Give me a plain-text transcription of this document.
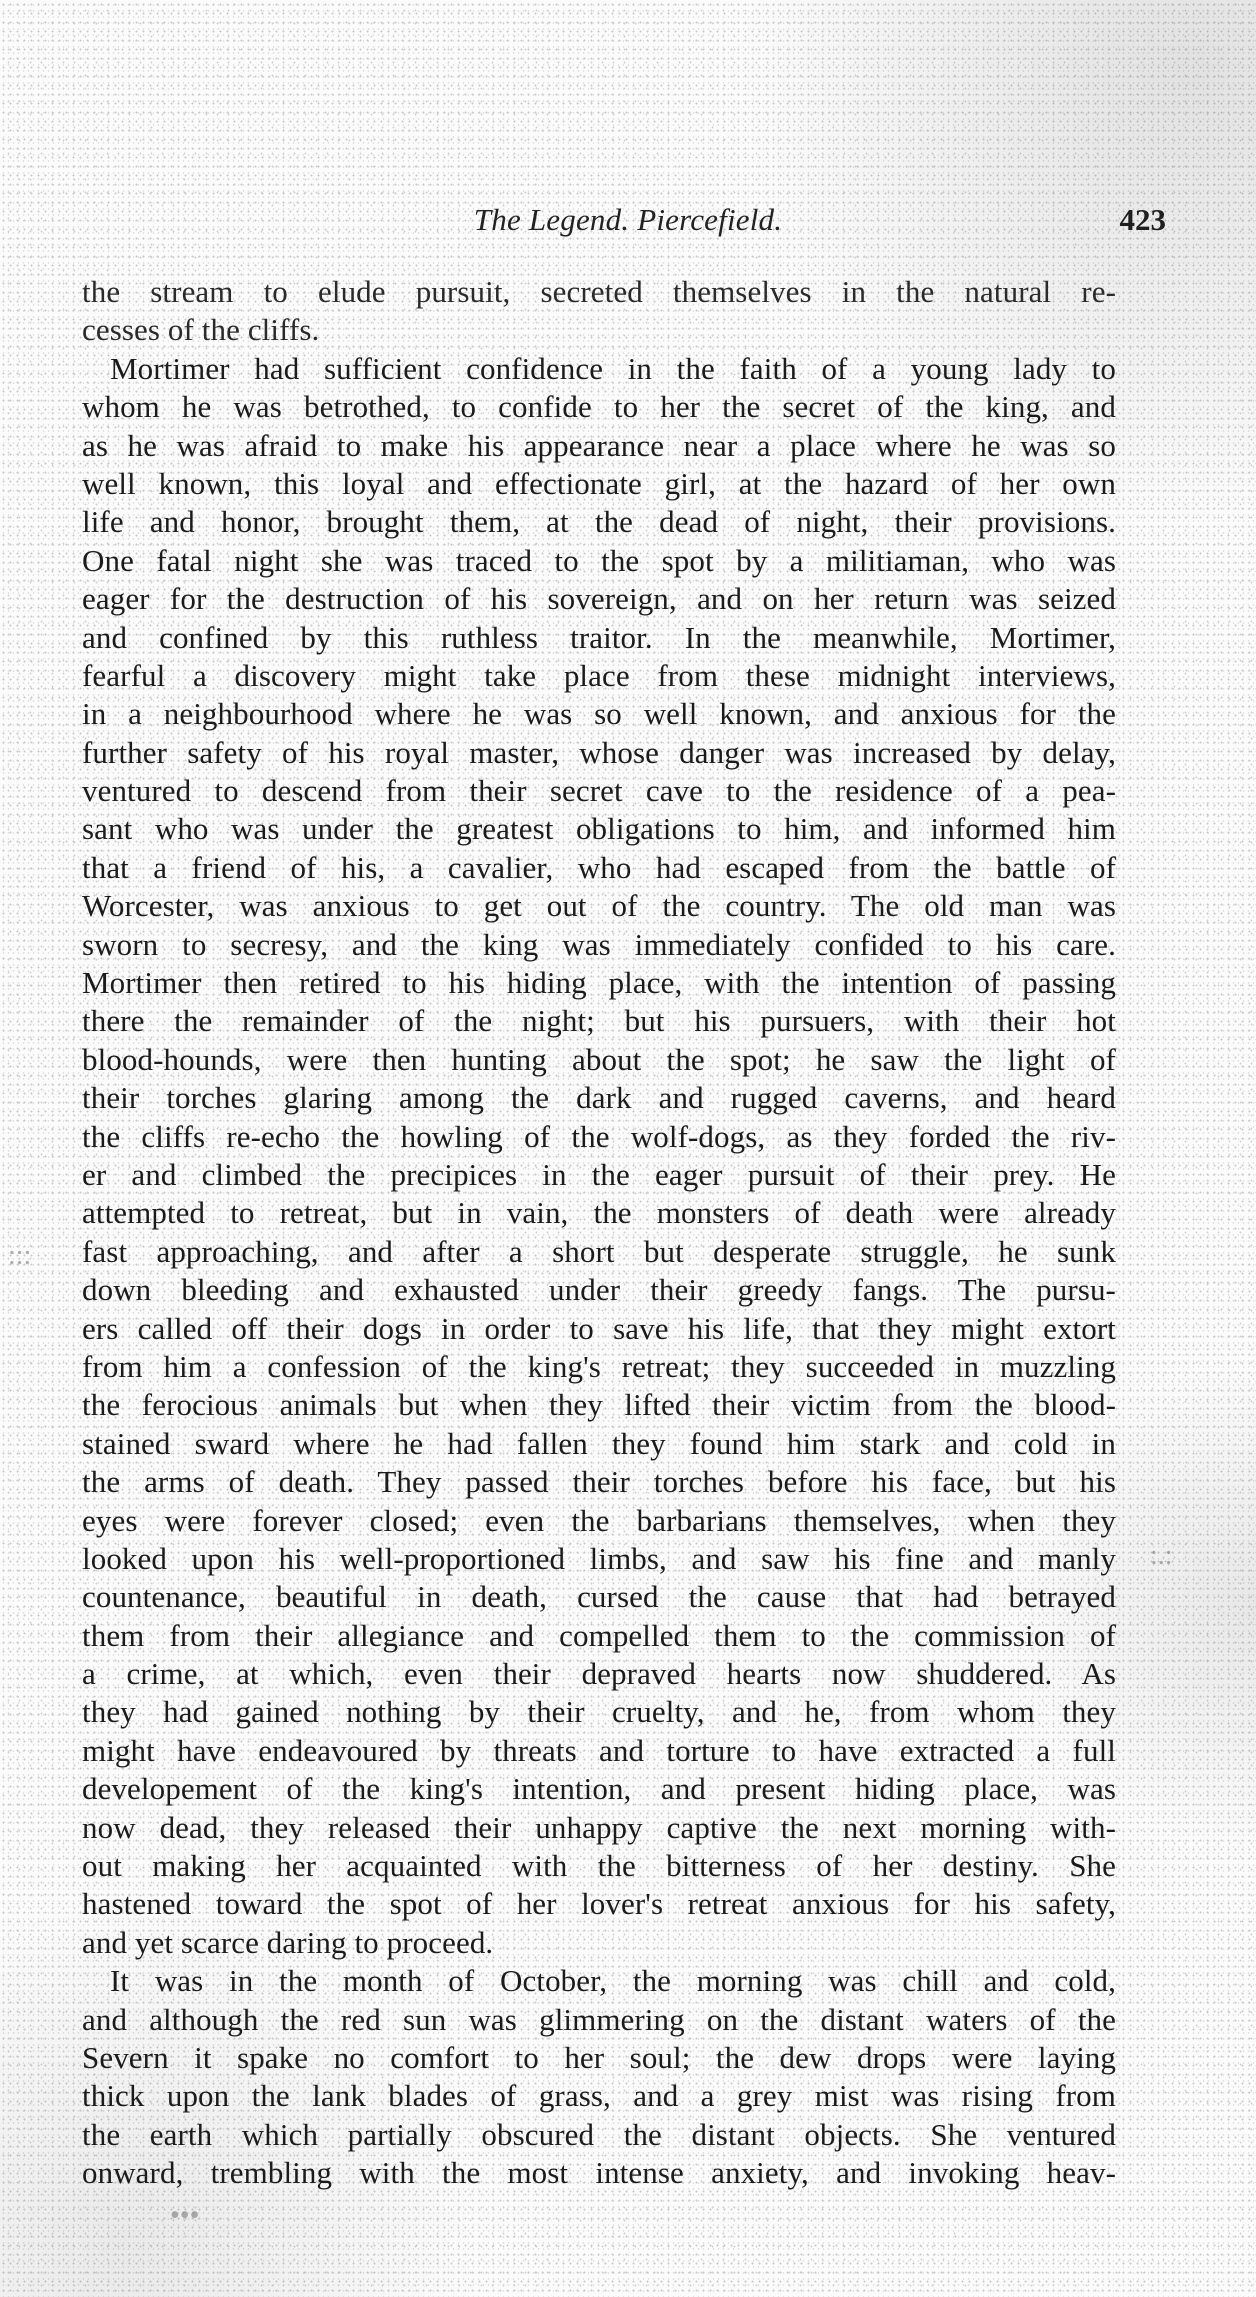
The Legend. Piercefield.	423
the stream to elude pursuit, secreted themselves in the natural re-
cesses of the cliffs.
Mortimer had sufficient confidence in the faith of a young lady to
whom he was betrothed, to confide to her the secret of the king, and
as he was afraid to make his appearance near a place where he was so
well known, this loyal and effectionate girl, at the hazard of her own
life and honor, brought them, at the dead of night, their provisions.
One fatal night she was traced to the spot by a militiaman, who was
eager for the destruction of his sovereign, and on her return was seized
and confined by this ruthless traitor. In the meanwhile, Mortimer,
fearful a discovery might take place from these midnight interviews,
in a neighbourhood where he was so well known, and anxious for the
further safety of his royal master, whose danger was increased by delay,
ventured to descend from their secret cave to the residence of a pea-
sant who was under the greatest obligations to him, and informed him
that a friend of his, a cavalier, who had escaped from the battle of
Worcester, was anxious to get out of the country. The old man was
sworn to secresy, and the king was immediately confided to his care.
Mortimer then retired to his hiding place, with the intention of passing
there the remainder of the night; but his pursuers, with their hot
blood-hounds, were then hunting about the spot; he saw the light of
their torches glaring among the dark and rugged caverns, and heard
the cliffs re-echo the howling of the wolf-dogs, as they forded the riv-
er and climbed the precipices in the eager pursuit of their prey. He
attempted to retreat, but in vain, the monsters of death were already
fast approaching, and after a short but desperate struggle, he sunk
down bleeding and exhausted under their greedy fangs. The pursu-
ers called off their dogs in order to save his life, that they might extort
from him a confession of the king's retreat; they succeeded in muzzling
the ferocious animals but when they lifted their victim from the blood-
stained sward where he had fallen they found him stark and cold in
the arms of death. They passed their torches before his face, but his
eyes were forever closed; even the barbarians themselves, when they
looked upon his well-proportioned limbs, and saw his fine and manly
countenance, beautiful in death, cursed the cause that had betrayed
them from their allegiance and compelled them to the commission of
a crime, at which, even their depraved hearts now shuddered. As
they had gained nothing by their cruelty, and he, from whom they
might have endeavoured by threats and torture to have extracted a full
developement of the king's intention, and present hiding place, was
now dead, they released their unhappy captive the next morning with-
out making her acquainted with the bitterness of her destiny. She
hastened toward the spot of her lover's retreat anxious for his safety,
and yet scarce daring to proceed.
It was in the month of October, the morning was chill and cold,
and although the red sun was glimmering on the distant waters of the
Severn it spake no comfort to her soul; the dew drops were laying
thick upon the lank blades of grass, and a grey mist was rising from
the earth which partially obscured the distant objects. She ventured
onward, trembling with the most intense anxiety, and invoking heav-
:::
•••
:.:
